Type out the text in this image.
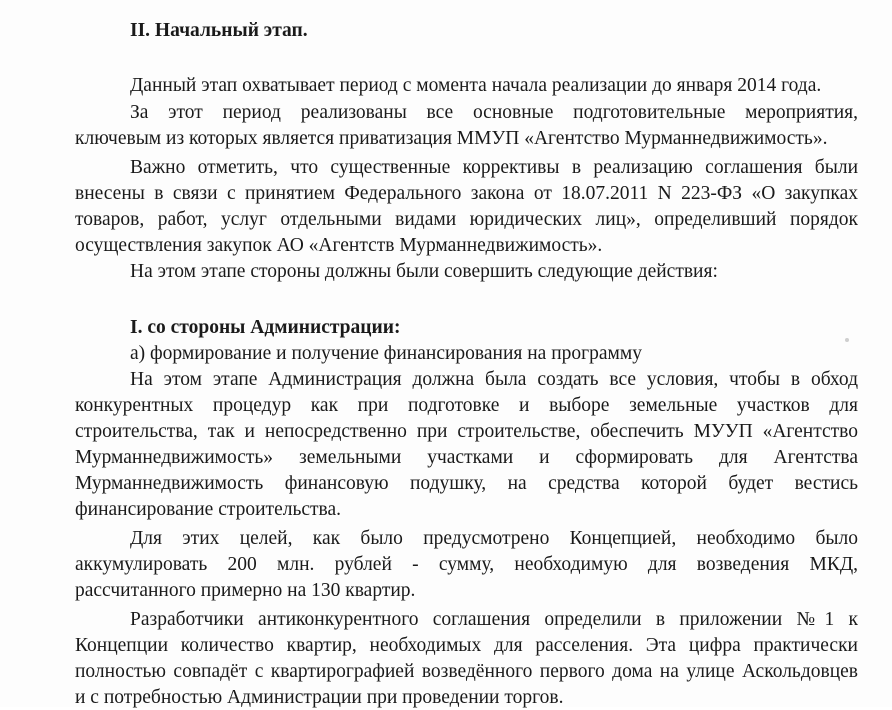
II. Начальный этап.
Данный этап охватывает период с момента начала реализации до января 2014 года.
За этот период реализованы все основные подготовительные мероприятия,
ключевым из которых является приватизация ММУП «Агентство Мурманнедвижимость».
Важно отметить, что существенные коррективы в реализацию соглашения были
внесены в связи с принятием Федерального закона от 18.07.2011 N 223-ФЗ «О закупках
товаров, работ, услуг отдельными видами юридических лиц», определивший порядок
осуществления закупок АО «Агентств Мурманнедвижимость».
На этом этапе стороны должны были совершить следующие действия:
I. со стороны Администрации:
а) формирование и получение финансирования на программу
На этом этапе Администрация должна была создать все условия, чтобы в обход
конкурентных процедур как при подготовке и выборе земельные участков для
строительства, так и непосредственно при строительстве, обеспечить МУУП «Агентство
Мурманнедвижимость» земельными участками и сформировать для Агентства
Мурманнедвижимость финансовую подушку, на средства которой будет вестись
финансирование строительства.
Для этих целей, как было предусмотрено Концепцией, необходимо было
аккумулировать 200 млн. рублей - сумму, необходимую для возведения МКД,
рассчитанного примерно на 130 квартир.
Разработчики антиконкурентного соглашения определили в приложении №1 к
Концепции количество квартир, необходимых для расселения. Эта цифра практически
полностью совпадёт с квартирографией возведённого первого дома на улице Аскольдовцев
и с потребностью Администрации при проведении торгов.
